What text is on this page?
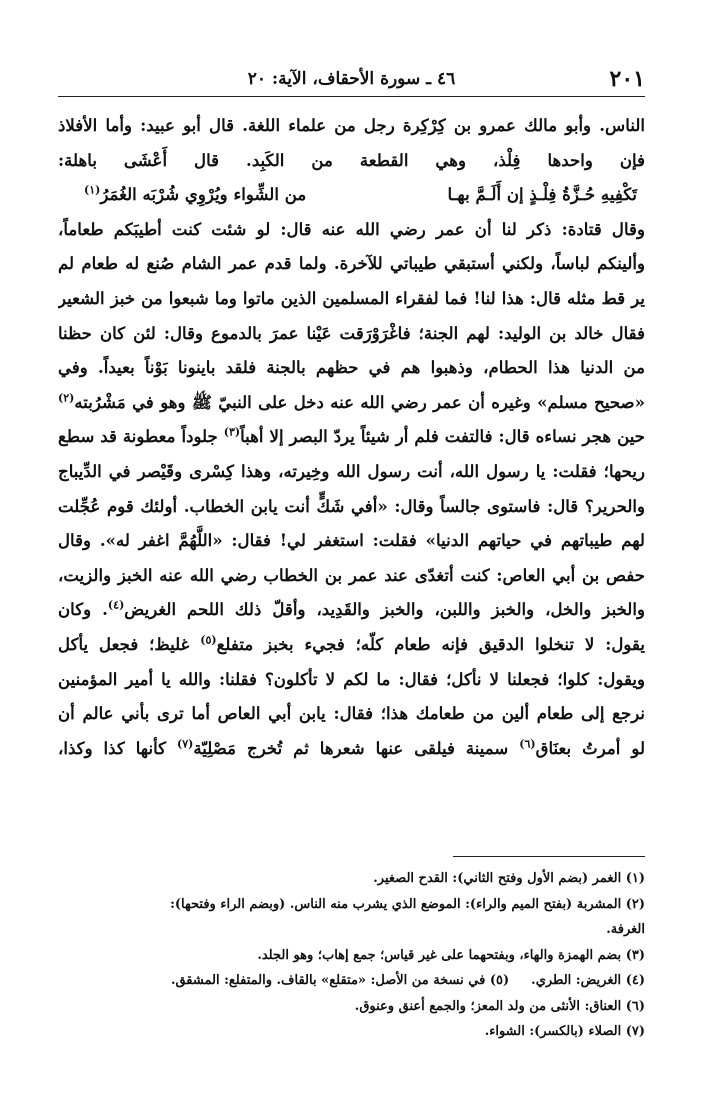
٢٠١
٤٦ ـ سورة الأحقاف، الآية: ٢٠
الناس. وأبو مالك عمرو بن كِرْكِرة رجل من علماء اللغة. قال أبو عبيد: وأما الأفلاذ
فإن واحدها فِلْذ، وهي القطعة من الكَبِد. قال أَعْشَى باهلة:
تَكْفِيهِ حُـزَّةُ فِلْـذٍ إن أَلَـمَّ بهـا
من الشِّواء ويُرْوِي شُرْبَه الغُمَرُ$^{(١)}$
وقال قتادة: ذكر لنا أن عمر رضي الله عنه قال: لو شئت كنت أطيبَكم طعاماً،
وألينكم لباساً، ولكني أستبقي طيباتي للآخرة. ولما قدم عمر الشام صُنع له طعام لم
ير قط مثله قال: هذا لنا! فما لفقراء المسلمين الذين ماتوا وما شبعوا من خبز الشعير
فقال خالد بن الوليد: لهم الجنة؛ فاغْرَوْرَقت عَيْنا عمرَ بالدموع وقال: لئن كان حظنا
من الدنيا هذا الحطام، وذهبوا هم في حظهم بالجنة فلقد باينونا بَوْناً بعيداً. وفي
«صحيح مسلم» وغيره أن عمر رضي الله عنه دخل على النبيّ ﷺ وهو في مَشْرُبته$^{(٢)}$
حين هجر نساءه قال: فالتفت فلم أر شيئاً يردّ البصر إلا أهباً$^{(٣)}$ جلوداً معطونة قد سطع
ريحها؛ فقلت: يا رسول الله، أنت رسول الله وخِيرته، وهذا كِسْرى وقَيْصر في الدِّيباج
والحرير؟ قال: فاستوى جالساً وقال: «أفي شَكٍّ أنت يابن الخطاب. أولئك قوم عُجِّلت
لهم طيباتهم في حياتهم الدنيا» فقلت: استغفر لي! فقال: «اللَّهُمَّ اغفر له». وقال
حفص بن أبي العاص: كنت أتغدّى عند عمر بن الخطاب رضي الله عنه الخبز والزيت،
والخبز والخل، والخبز واللبن، والخبز والقَدِيد، وأقلّ ذلك اللحم الغريض$^{(٤)}$. وكان
يقول: لا تنخلوا الدقيق فإنه طعام كلّه؛ فجيء بخبز متفلع$^{(٥)}$ غليظ؛ فجعل يأكل
ويقول: كلوا؛ فجعلنا لا نأكل؛ فقال: ما لكم لا تأكلون؟ فقلنا: والله يا أمير المؤمنين
نرجع إلى طعام ألين من طعامك هذا؛ فقال: يابن أبي العاص أما ترى بأني عالم أن
لو أمرتُ بعنَاق$^{(٦)}$ سمينة فيلقى عنها شعرها ثم تُخرج مَصْلِيّة$^{(٧)}$ كأنها كذا وكذا،
(١) الغمر (بضم الأول وفتح الثاني): القدح الصغير.
(٢) المشربة (بفتح الميم والراء): الموضع الذي يشرب منه الناس. (وبضم الراء وفتحها):
الغرفة.
(٣) بضم الهمزة والهاء، وبفتحهما على غير قياس؛ جمع إهاب؛ وهو الجلد.
(٤) الغريض: الطري.(٥) في نسخة من الأصل: «متقلع» بالقاف. والمتفلع: المشقق.
(٦) العناق: الأنثى من ولد المعز؛ والجمع أعنق وعنوق.
(٧) الصلاء (بالكسر): الشواء.
